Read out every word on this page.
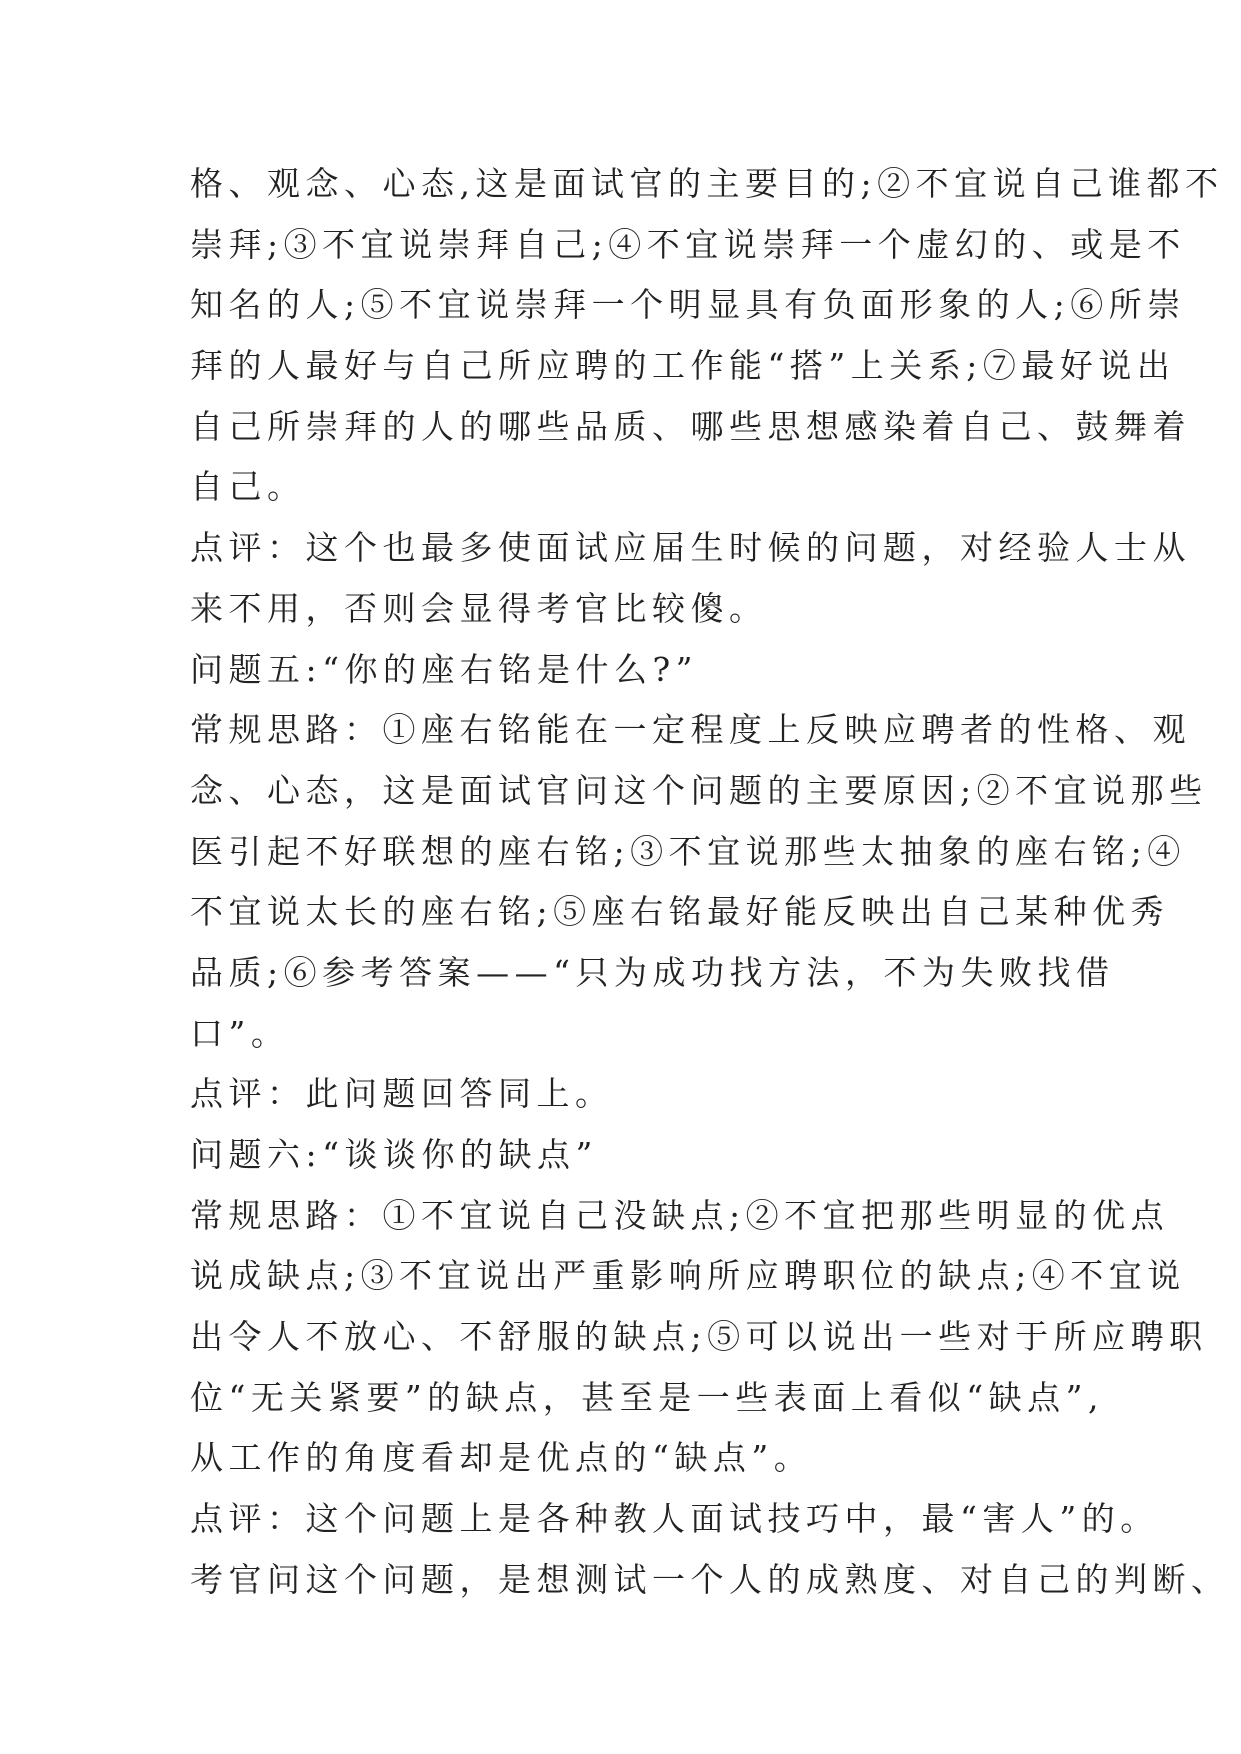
格、观念、心态,这是面试官的主要目的;②不宜说自己谁都不
崇拜;③不宜说崇拜自己;④不宜说崇拜一个虚幻的、或是不
知名的人;⑤不宜说崇拜一个明显具有负面形象的人;⑥所崇
拜的人最好与自己所应聘的工作能“搭”上关系;⑦最好说出
自己所崇拜的人的哪些品质、哪些思想感染着自己、鼓舞着
自己。
点评：这个也最多使面试应届生时候的问题，对经验人士从
来不用，否则会显得考官比较傻。
问题五:“你的座右铭是什么?”
常规思路：①座右铭能在一定程度上反映应聘者的性格、观
念、心态，这是面试官问这个问题的主要原因;②不宜说那些
医引起不好联想的座右铭;③不宜说那些太抽象的座右铭;④
不宜说太长的座右铭;⑤座右铭最好能反映出自己某种优秀
品质;⑥参考答案——“只为成功找方法，不为失败找借
口”。
点评：此问题回答同上。
问题六:“谈谈你的缺点”
常规思路：①不宜说自己没缺点;②不宜把那些明显的优点
说成缺点;③不宜说出严重影响所应聘职位的缺点;④不宜说
出令人不放心、不舒服的缺点;⑤可以说出一些对于所应聘职
位“无关紧要”的缺点，甚至是一些表面上看似“缺点”,
从工作的角度看却是优点的“缺点”。
点评：这个问题上是各种教人面试技巧中，最“害人”的。
考官问这个问题，是想测试一个人的成熟度、对自己的判断、
